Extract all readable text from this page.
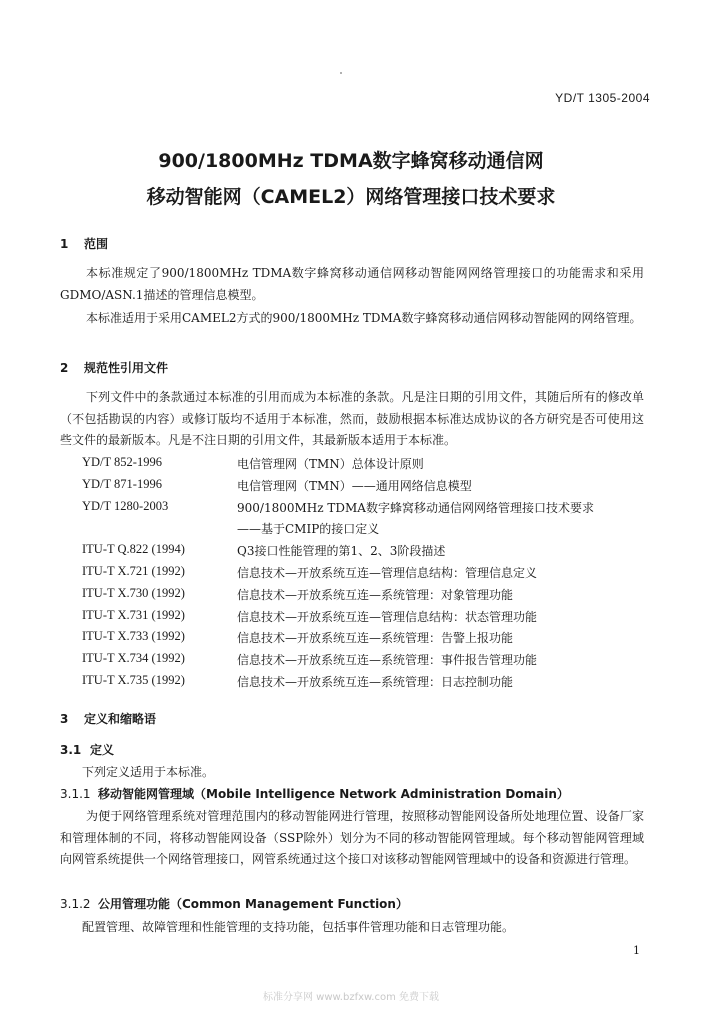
YD/T 1305-2004
900/1800MHz TDMA数字蜂窝移动通信网
移动智能网（CAMEL2）网络管理接口技术要求
1 范围
本标准规定了900/1800MHz TDMA数字蜂窝移动通信网移动智能网网络管理接口的功能需求和采用GDMO/ASN.1描述的管理信息模型。
本标准适用于采用CAMEL2方式的900/1800MHz TDMA数字蜂窝移动通信网移动智能网的网络管理。
2 规范性引用文件
下列文件中的条款通过本标准的引用而成为本标准的条款。凡是注日期的引用文件，其随后所有的修改单（不包括勘误的内容）或修订版均不适用于本标准，然而，鼓励根据本标准达成协议的各方研究是否可使用这些文件的最新版本。凡是不注日期的引用文件，其最新版本适用于本标准。
YD/T 852-1996	电信管理网（TMN）总体设计原则
YD/T 871-1996	电信管理网（TMN）——通用网络信息模型
YD/T 1280-2003	900/1800MHz TDMA数字蜂窝移动通信网网络管理接口技术要求
——基于CMIP的接口定义
ITU-T Q.822 (1994)	Q3接口性能管理的第1、2、3阶段描述
ITU-T X.721 (1992)	信息技术—开放系统互连—管理信息结构：管理信息定义
ITU-T X.730 (1992)	信息技术—开放系统互连—系统管理：对象管理功能
ITU-T X.731 (1992)	信息技术—开放系统互连—管理信息结构：状态管理功能
ITU-T X.733 (1992)	信息技术—开放系统互连—系统管理：告警上报功能
ITU-T X.734 (1992)	信息技术—开放系统互连—系统管理：事件报告管理功能
ITU-T X.735 (1992)	信息技术—开放系统互连—系统管理：日志控制功能
3 定义和缩略语
3.1 定义
下列定义适用于本标准。
3.1.1 移动智能网管理域（Mobile Intelligence Network Administration Domain）
为便于网络管理系统对管理范围内的移动智能网进行管理，按照移动智能网设备所处地理位置、设备厂家和管理体制的不同，将移动智能网设备（SSP除外）划分为不同的移动智能网管理域。每个移动智能网管理域向网管系统提供一个网络管理接口，网管系统通过这个接口对该移动智能网管理域中的设备和资源进行管理。
3.1.2 公用管理功能（Common Management Function）
配置管理、故障管理和性能管理的支持功能，包括事件管理功能和日志管理功能。
1
标准分享网 www.bzfxw.com 免费下载
